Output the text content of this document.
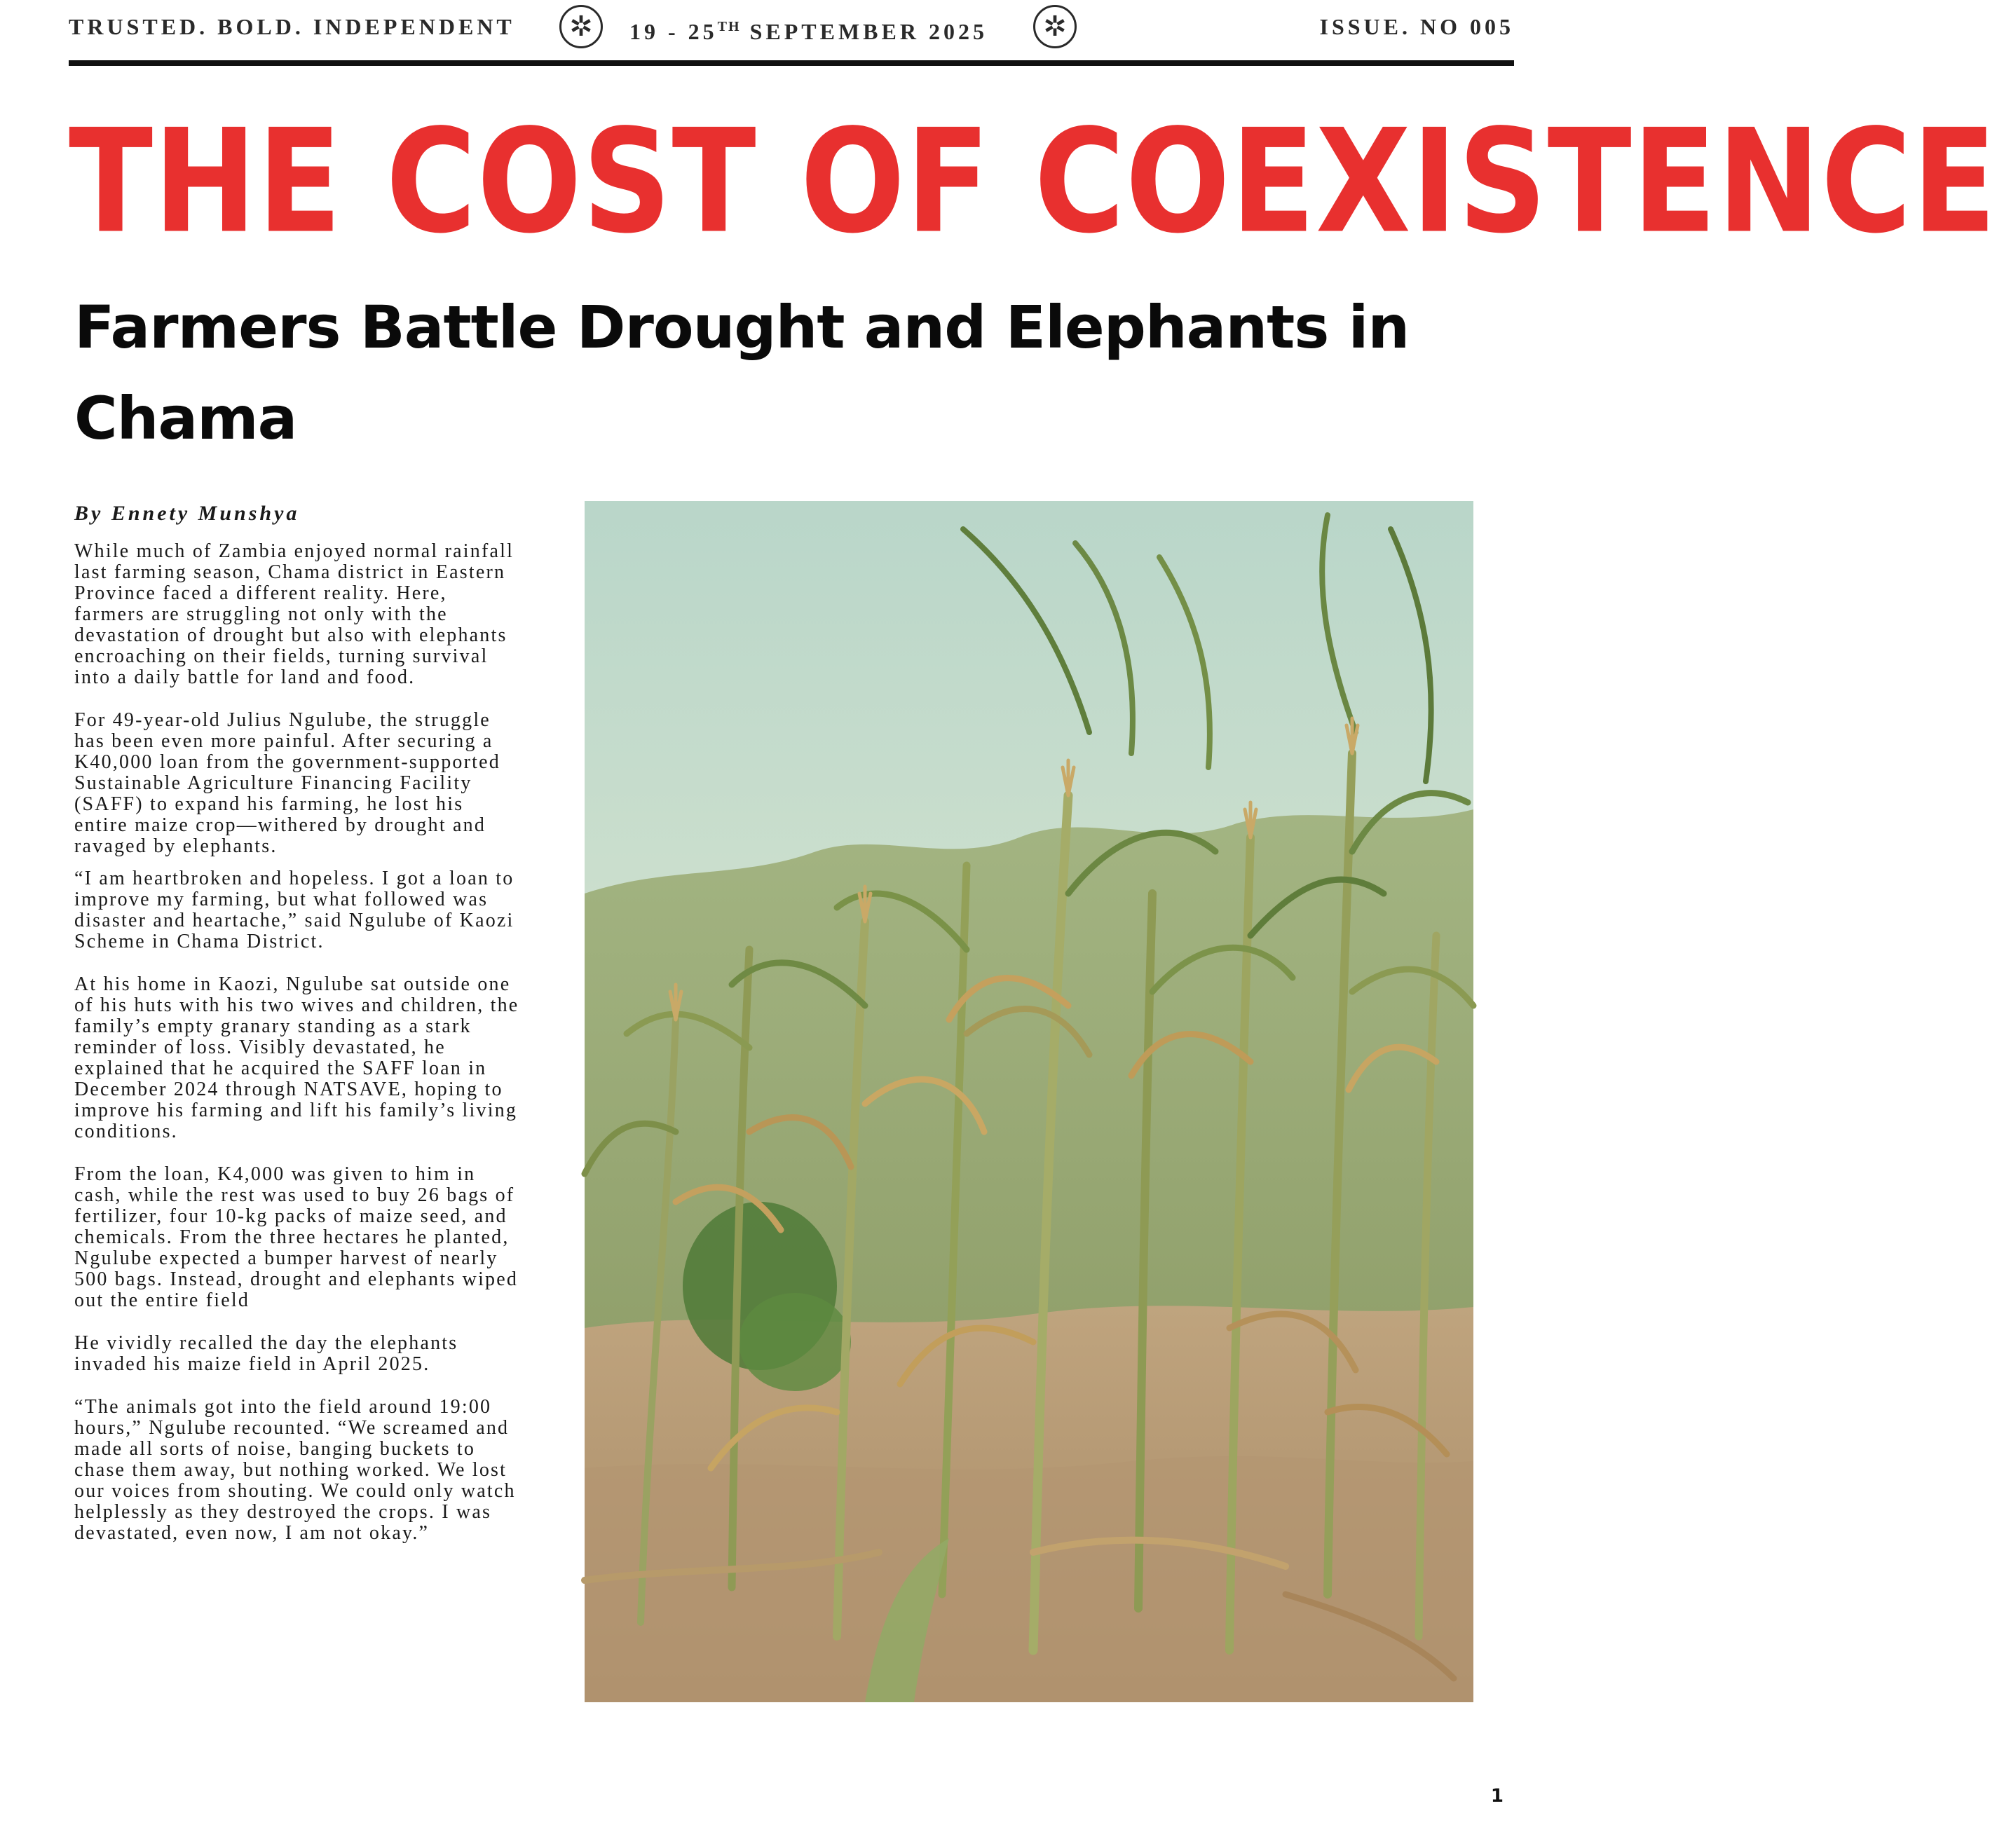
TRUSTED. BOLD. INDEPENDENT	✲	19 - 25TH SEPTEMBER 2025	✲	ISSUE. NO 005
THE COST OF COEXISTENCE
Farmers Battle Drought and Elephants in Chama
By Ennety Munshya

While much of Zambia enjoyed normal rainfall last farming season, Chama district in Eastern Province faced a different reality. Here, farmers are struggling not only with the devastation of drought but also with elephants encroaching on their fields, turning survival into a daily battle for land and food.

For 49-year-old Julius Ngulube, the struggle has been even more painful. After securing a K40,000 loan from the government-supported Sustainable Agriculture Financing Facility (SAFF) to expand his farming, he lost his entire maize crop—withered by drought and ravaged by elephants.

“I am heartbroken and hopeless. I got a loan to improve my farming, but what followed was disaster and heartache,” said Ngulube of Kaozi Scheme in Chama District.

At his home in Kaozi, Ngulube sat outside one of his huts with his two wives and children, the family’s empty granary standing as a stark reminder of loss. Visibly devastated, he explained that he acquired the SAFF loan in December 2024 through NATSAVE, hoping to improve his farming and lift his family’s living conditions.

From the loan, K4,000 was given to him in cash, while the rest was used to buy 26 bags of fertilizer, four 10-kg packs of maize seed, and chemicals. From the three hectares he planted, Ngulube expected a bumper harvest of nearly 500 bags. Instead, drought and elephants wiped out the entire field

He vividly recalled the day the elephants invaded his maize field in April 2025.

“The animals got into the field around 19:00 hours,” Ngulube recounted. “We screamed and made all sorts of noise, banging buckets to chase them away, but nothing worked. We lost our voices from shouting. We could only watch helplessly as they destroyed the crops. I was devastated, even now, I am not okay.”

1
